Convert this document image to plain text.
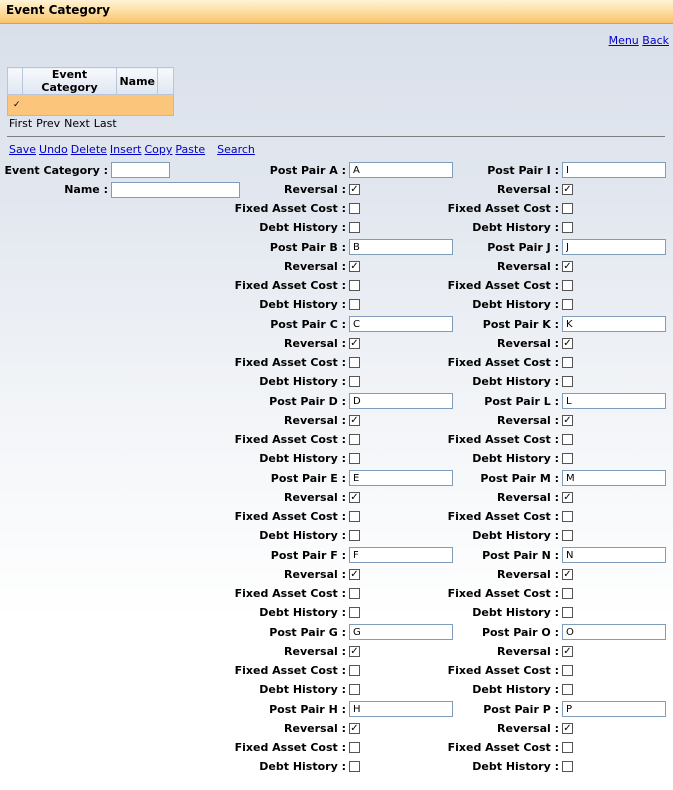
Event Category
Menu Back
	Event Category	Name	
✓
First Prev Next Last
Save Undo Delete Insert Copy Paste Search
Event Category :
Name :
Post Pair A :
A
Reversal : ✓
Fixed Asset Cost :
Debt History :
Post Pair B :
B
Reversal : ✓
Fixed Asset Cost :
Debt History :
Post Pair C :
C
Reversal : ✓
Fixed Asset Cost :
Debt History :
Post Pair D :
D
Reversal : ✓
Fixed Asset Cost :
Debt History :
Post Pair E :
E
Reversal : ✓
Fixed Asset Cost :
Debt History :
Post Pair F :
F
Reversal : ✓
Fixed Asset Cost :
Debt History :
Post Pair G :
G
Reversal : ✓
Fixed Asset Cost :
Debt History :
Post Pair H :
H
Reversal : ✓
Fixed Asset Cost :
Debt History :
Post Pair I :
I
Reversal : ✓
Fixed Asset Cost :
Debt History :
Post Pair J :
J
Reversal : ✓
Fixed Asset Cost :
Debt History :
Post Pair K :
K
Reversal : ✓
Fixed Asset Cost :
Debt History :
Post Pair L :
L
Reversal : ✓
Fixed Asset Cost :
Debt History :
Post Pair M :
M
Reversal : ✓
Fixed Asset Cost :
Debt History :
Post Pair N :
N
Reversal : ✓
Fixed Asset Cost :
Debt History :
Post Pair O :
O
Reversal : ✓
Fixed Asset Cost :
Debt History :
Post Pair P :
P
Reversal : ✓
Fixed Asset Cost :
Debt History :
